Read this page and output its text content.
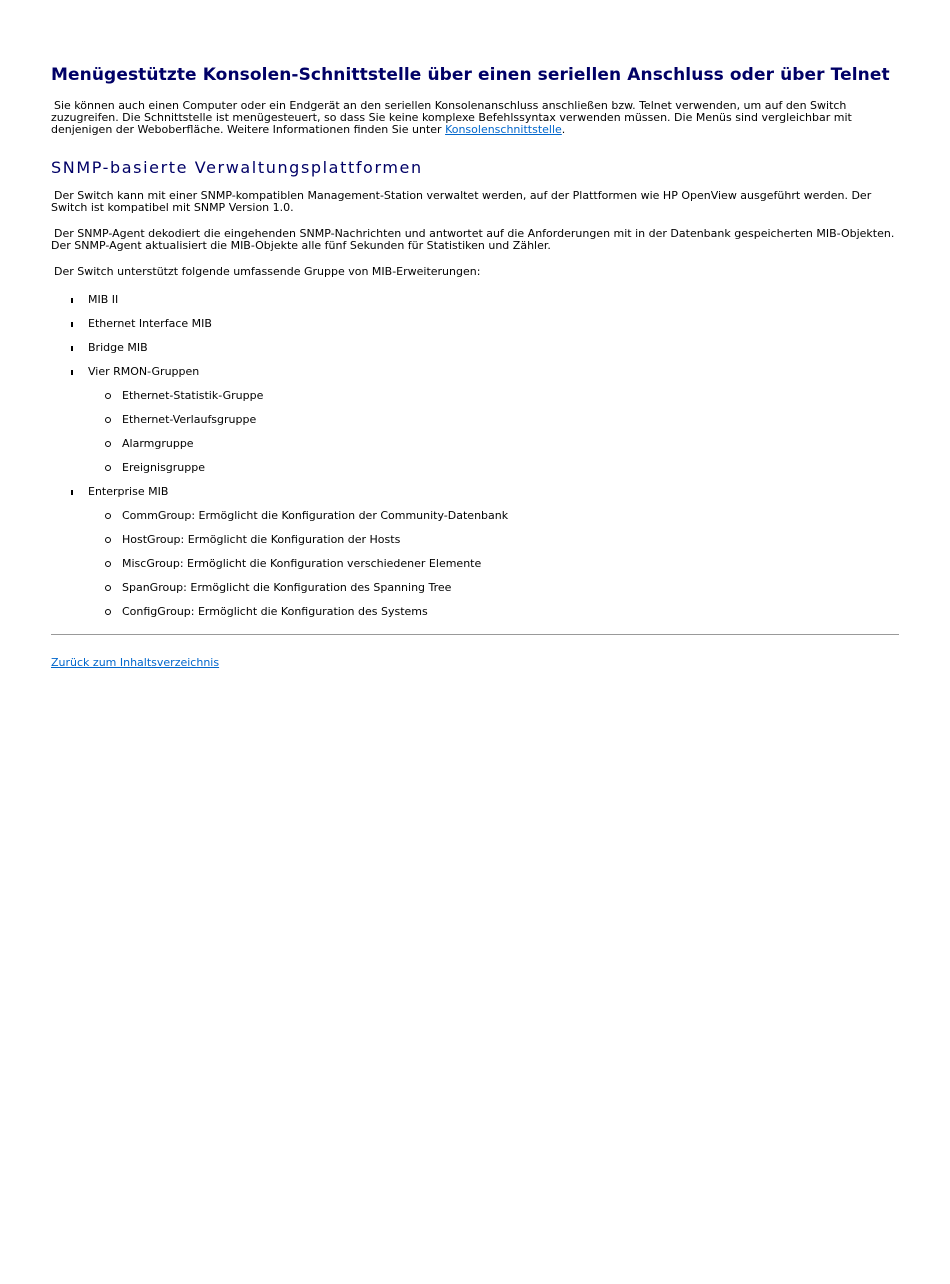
Menügestützte Konsolen-Schnittstelle über einen seriellen Anschluss oder über Telnet

Sie können auch einen Computer oder ein Endgerät an den seriellen Konsolenanschluss anschließen bzw. Telnet verwenden, um auf den Switch zuzugreifen. Die Schnittstelle ist menügesteuert, so dass Sie keine komplexe Befehlssyntax verwenden müssen. Die Menüs sind vergleichbar mit denjenigen der Weboberfläche. Weitere Informationen finden Sie unter Konsolenschnittstelle.

SNMP-basierte Verwaltungsplattformen

Der Switch kann mit einer SNMP-kompatiblen Management-Station verwaltet werden, auf der Plattformen wie HP OpenView ausgeführt werden. Der Switch ist kompatibel mit SNMP Version 1.0.

Der SNMP-Agent dekodiert die eingehenden SNMP-Nachrichten und antwortet auf die Anforderungen mit in der Datenbank gespeicherten MIB-Objekten. Der SNMP-Agent aktualisiert die MIB-Objekte alle fünf Sekunden für Statistiken und Zähler.

Der Switch unterstützt folgende umfassende Gruppe von MIB-Erweiterungen:

MIB II
Ethernet Interface MIB
Bridge MIB
Vier RMON-Gruppen
Ethernet-Statistik-Gruppe
Ethernet-Verlaufsgruppe
Alarmgruppe
Ereignisgruppe
Enterprise MIB
CommGroup: Ermöglicht die Konfiguration der Community-Datenbank
HostGroup: Ermöglicht die Konfiguration der Hosts
MiscGroup: Ermöglicht die Konfiguration verschiedener Elemente
SpanGroup: Ermöglicht die Konfiguration des Spanning Tree
ConfigGroup: Ermöglicht die Konfiguration des Systems
Zurück zum Inhaltsverzeichnis
